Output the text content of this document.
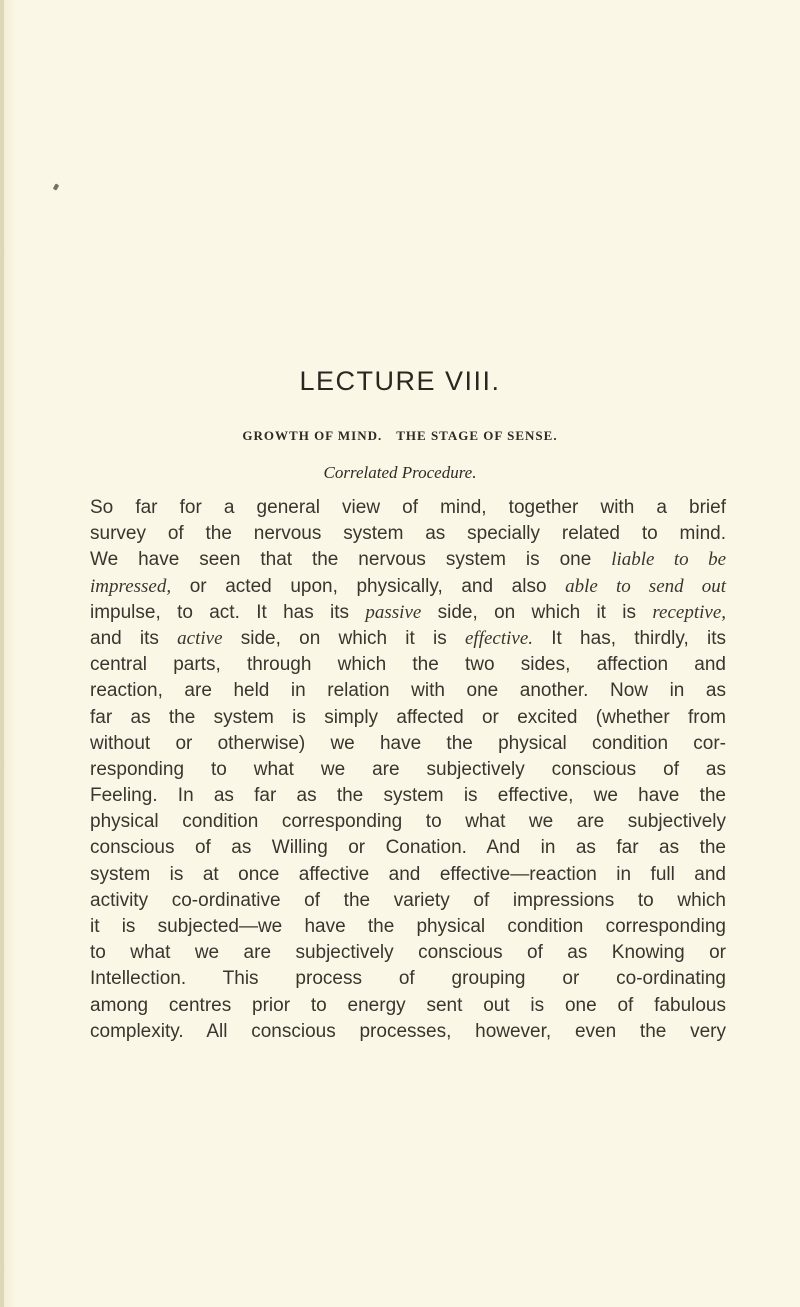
LECTURE VIII.
GROWTH OF MIND. THE STAGE OF SENSE.
Correlated Procedure.
So far for a general view of mind, together with a brief
survey of the nervous system as specially related to mind.
We have seen that the nervous system is one liable to be
impressed, or acted upon, physically, and also able to send out
impulse, to act. It has its passive side, on which it is receptive,
and its active side, on which it is effective. It has, thirdly, its
central parts, through which the two sides, affection and
reaction, are held in relation with one another. Now in as
far as the system is simply affected or excited (whether from
without or otherwise) we have the physical condition cor-
responding to what we are subjectively conscious of as
Feeling. In as far as the system is effective, we have the
physical condition corresponding to what we are subjectively
conscious of as Willing or Conation. And in as far as the
system is at once affective and effective—reaction in full and
activity co-ordinative of the variety of impressions to which
it is subjected—we have the physical condition corresponding
to what we are subjectively conscious of as Knowing or
Intellection. This process of grouping or co-ordinating
among centres prior to energy sent out is one of fabulous
complexity. All conscious processes, however, even the very
